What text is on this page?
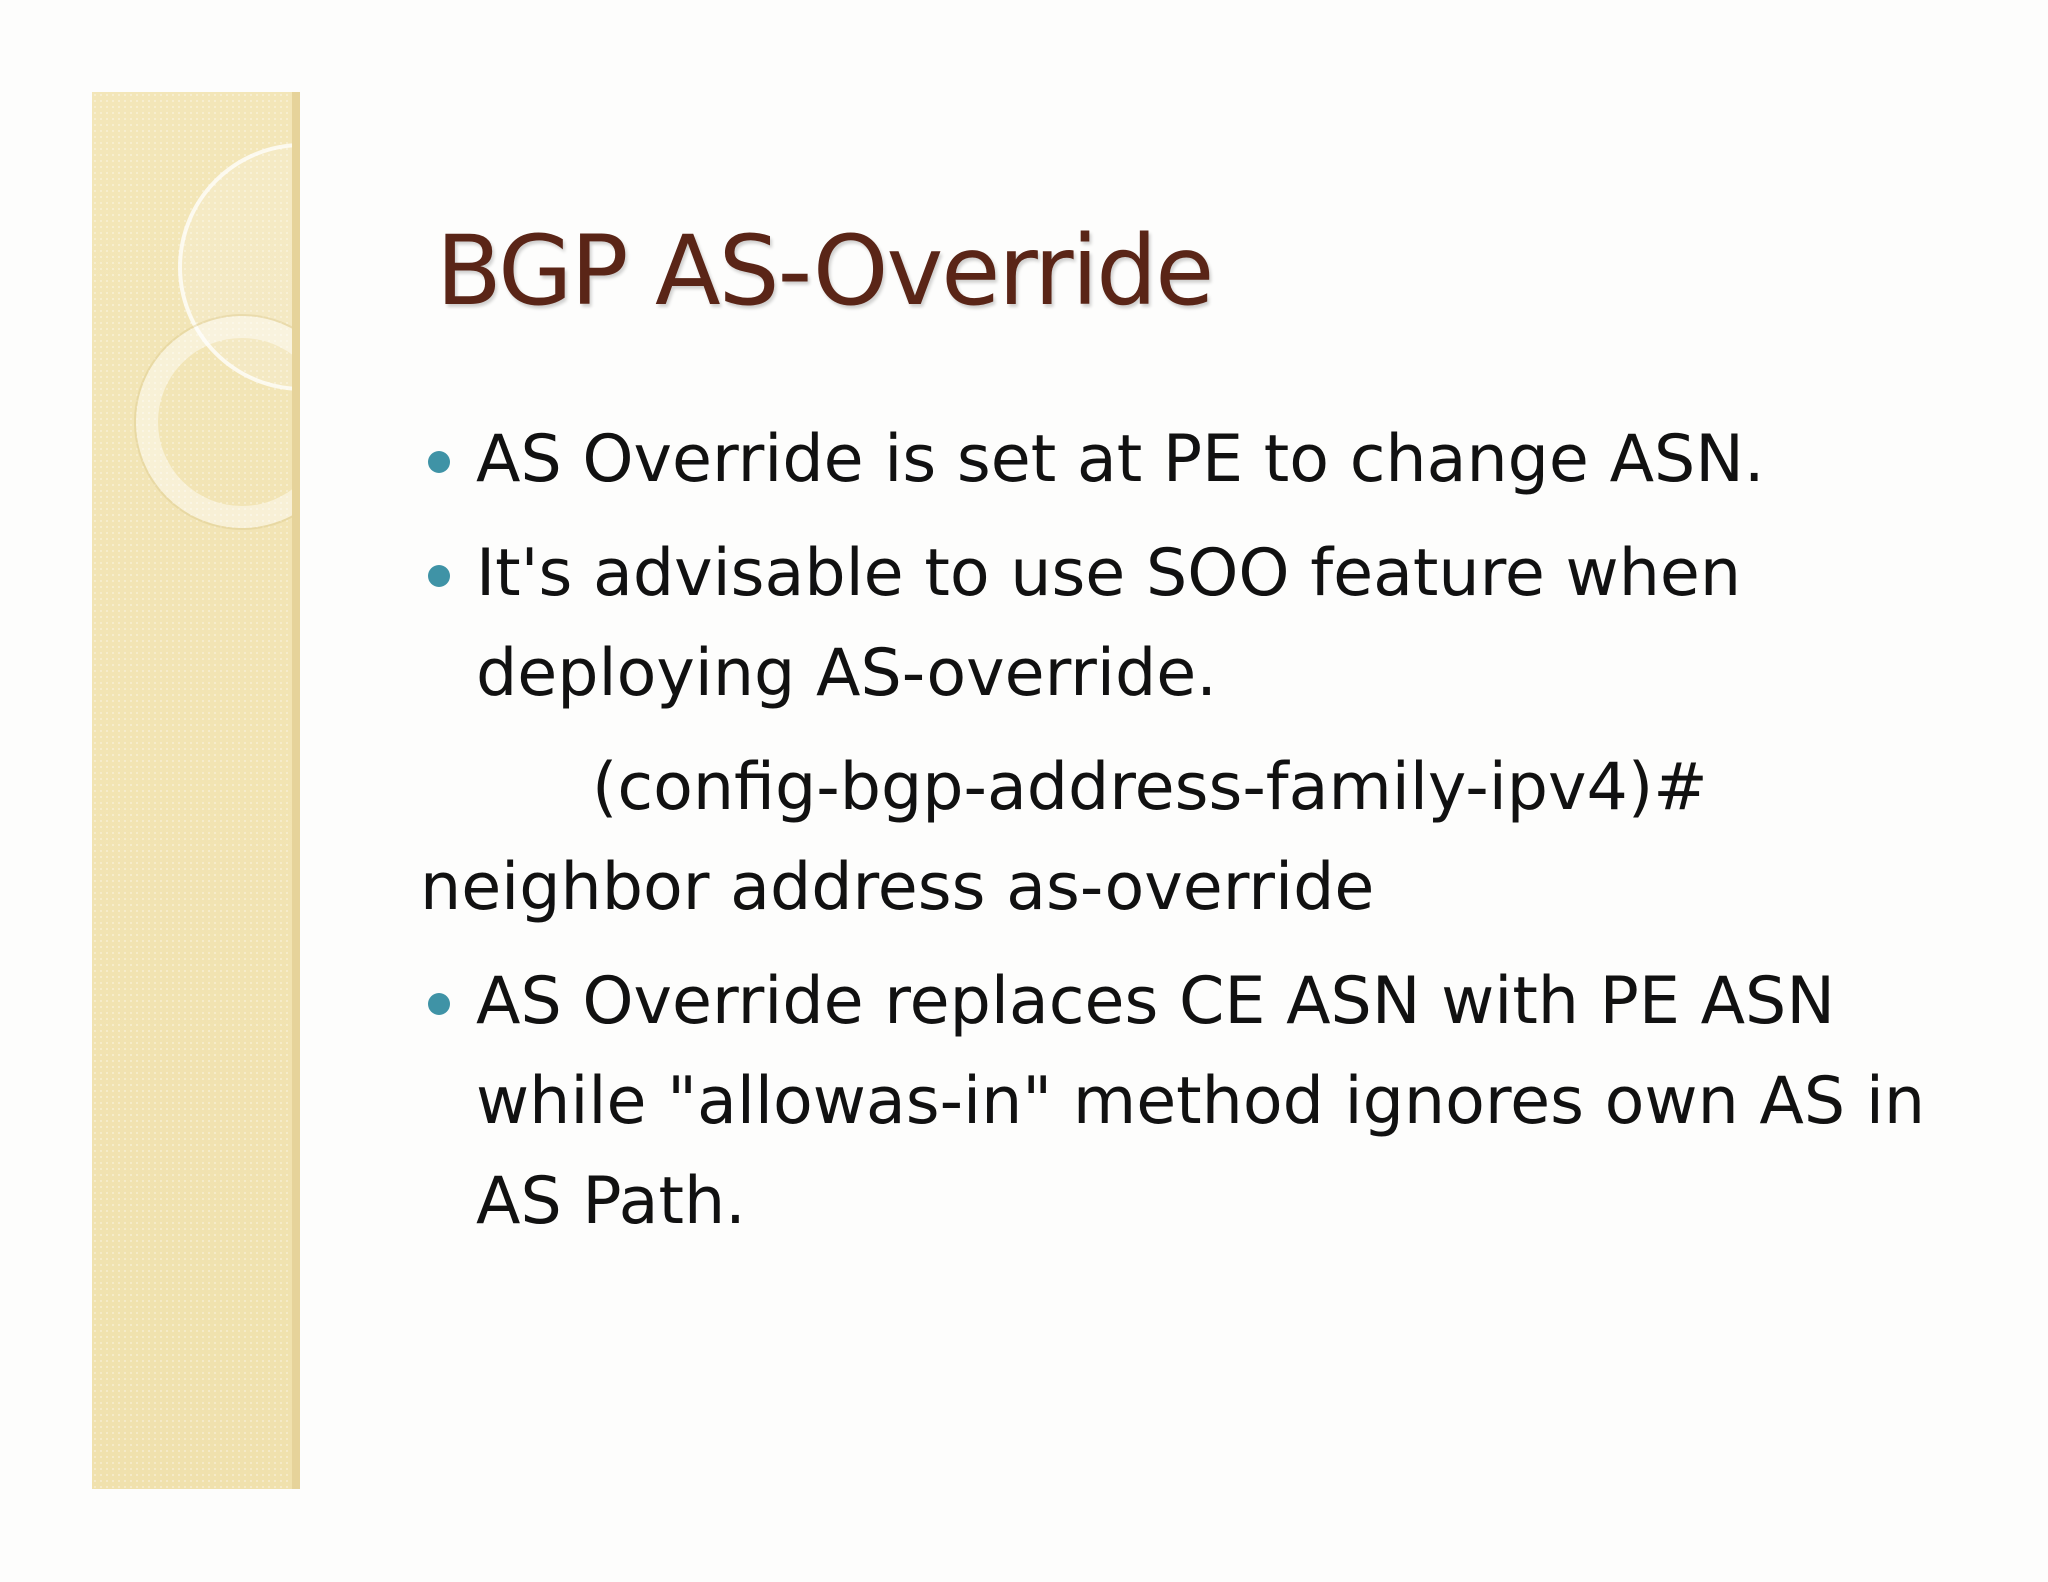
BGP AS-Override
AS Override is set at PE to change ASN.
It's advisable to use SOO feature when deploying AS-override.

(config-bgp-address-family-ipv4)#

neighbor address as-override

AS Override replaces CE ASN with PE ASN while "allowas-in" method ignores own AS in AS Path.
